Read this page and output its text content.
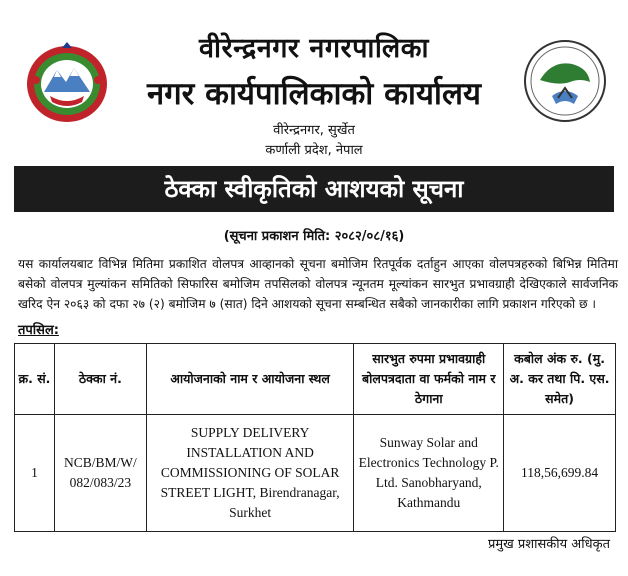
वीरेन्द्रनगर नगरपालिका
नगर कार्यपालिकाको कार्यालय
वीरेन्द्रनगर, सुर्खेत
कर्णाली प्रदेश, नेपाल
ठेक्का स्वीकृतिको आशयको सूचना
(सूचना प्रकाशन मिति: २०८२/०८/१६)
यस कार्यालयबाट विभिन्न मितिमा प्रकाशित वोलपत्र आव्हानको सूचना बमोजिम रितपूर्वक दर्ताहुन आएका वोलपत्रहरुको बिभिन्न मितिमा बसेको वोलपत्र मुल्यांकन समितिको सिफारिस बमोजिम तपसिलको वोलपत्र न्यूनतम मूल्यांकन सारभुत प्रभावग्राही देखिएकाले सार्वजनिक खरिद ऐन २०६३ को दफा २७ (२) बमोजिम ७ (सात) दिने आशयको सूचना सम्बन्धित सबैको जानकारीका लागि प्रकाशन गरिएको छ ।
तपसिल:
क्र. सं.	ठेक्का नं.	आयोजनाको नाम र आयोजना स्थल	सारभुत रुपमा प्रभावग्राही बोलपत्रदाता वा फर्मको नाम र ठेगाना	कबोल अंक रु. (मु. अ. कर तथा पि. एस. समेत)
1	NCB/BM/W/ 082/083/23	SUPPLY DELIVERY INSTALLATION AND COMMISSIONING OF SOLAR STREET LIGHT, Birendranagar, Surkhet	Sunway Solar and Electronics Technology P. Ltd. Sanobharyand, Kathmandu	118,56,699.84
प्रमुख प्रशासकीय अधिकृत
